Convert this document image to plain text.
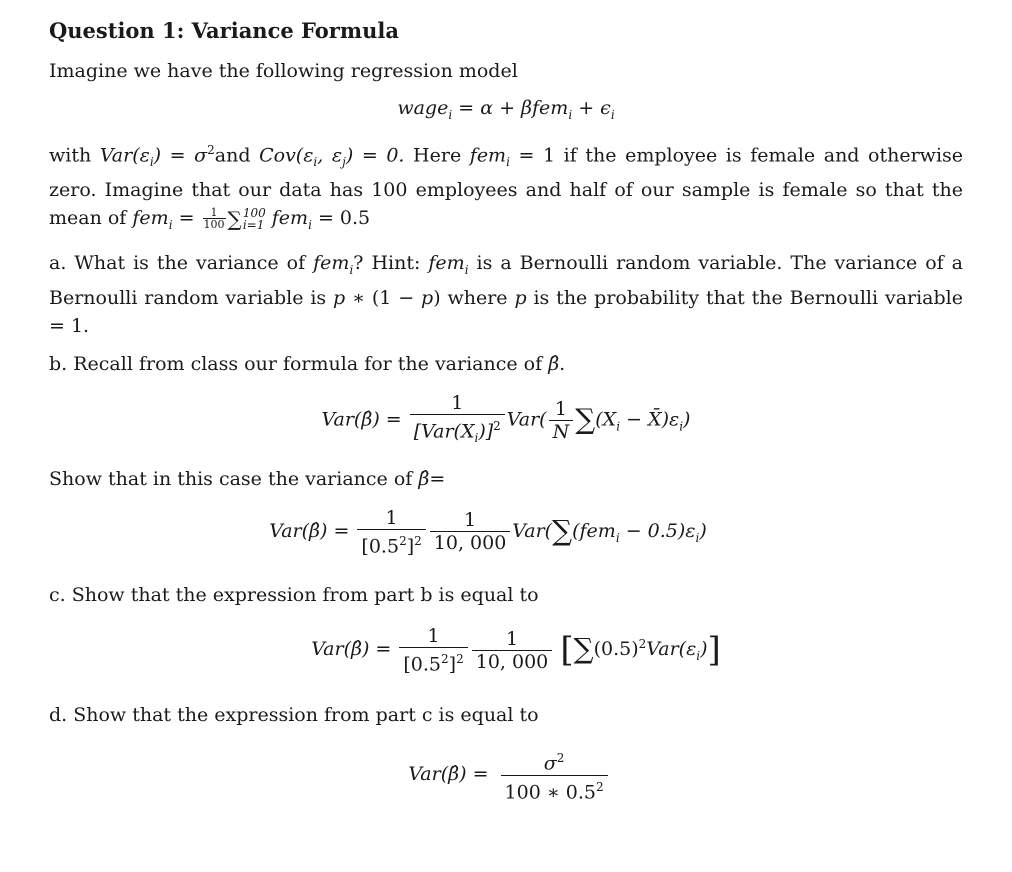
Question 1: Variance Formula

Imagine we have the following regression model

wage$_i$ = $\alpha + \beta fem_i + \epsilon_i$

with $Var(\varepsilon_i) = \sigma^2and$ $Cov(\varepsilon_i$, $\varepsilon_j) = 0$. Here fem$_i$ = 1 if the employee is female and otherwise zero. Imagine that our data has 100 employees and half of our sample is female so that the mean of $fem_i = \frac{1}{100}$ ∑ 100
i=1 fem$_i$ = 0.5

a. What is the variance of fem$_i$? Hint: fem$_i$ is a Bernoulli random variable. The variance of a Bernoulli random variable is p ∗ (1 − p) where p is the probability that the Bernoulli variable = 1.

b. Recall from class our formula for the variance of β̂.

Var(β̂) = $\frac{1}{[Var(X_i)]^2} Var( \frac{1}{N} \sum(X_i$ − $X̄)\varepsilon_i$)

Show that in this case the variance of β̂=

Var(β̂) = $\frac{1}{[0.5^2]^2} \frac{1}{10, 000} Var(\sum(fem_i - 0.5)\varepsilon_i)$

c. Show that the expression from part b is equal to

Var(β̂) = $\frac{1}{[0.5^2]^2} \frac{1}{10, 000} [\sum(0.5)^2Var(\varepsilon_i)]$

d. Show that the expression from part c is equal to

Var(β̂) = $\frac{\sigma^2}{100 ∗ 0.5^2}$
